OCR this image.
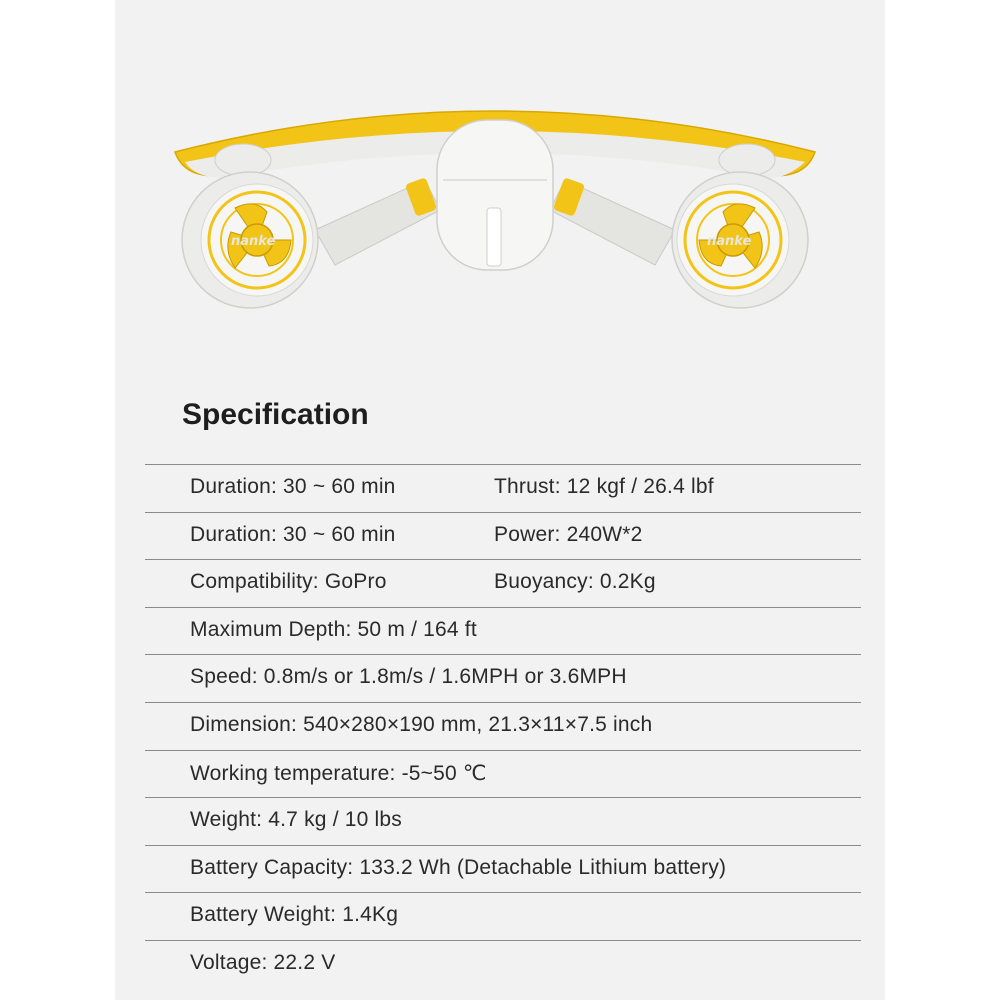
nanke	nanke
Specification
Duration: 30 ~ 60 min	Thrust: 12 kgf / 26.4 lbf
Duration: 30 ~ 60 min	Power: 240W*2
Compatibility: GoPro	Buoyancy: 0.2Kg
Maximum Depth: 50 m / 164 ft
Speed: 0.8m/s or 1.8m/s / 1.6MPH or 3.6MPH
Dimension: 540×280×190 mm, 21.3×11×7.5 inch
Working temperature: -5~50 ℃
Weight: 4.7 kg / 10 lbs
Battery Capacity: 133.2 Wh (Detachable Lithium battery)
Battery Weight: 1.4Kg
Voltage: 22.2 V
